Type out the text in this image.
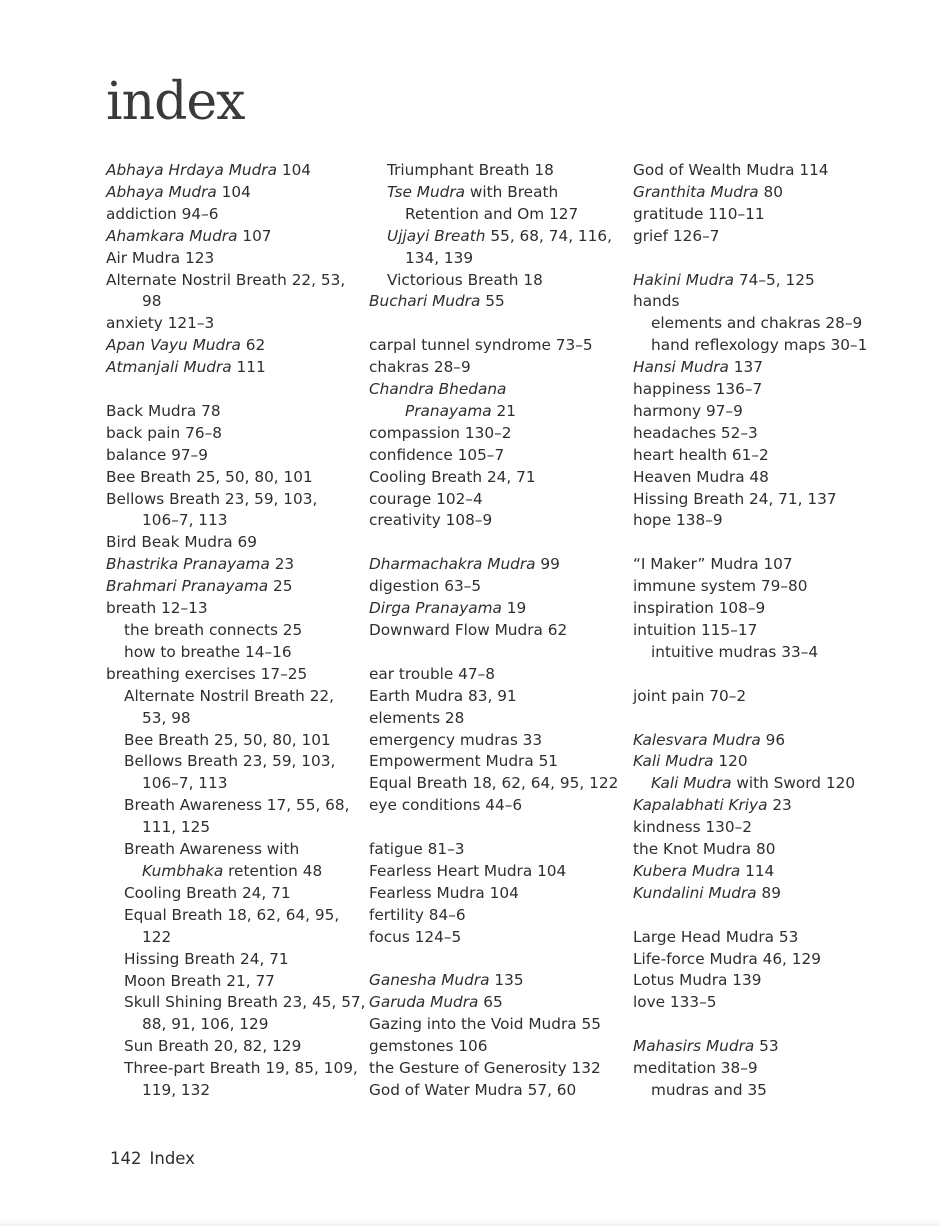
index
Abhaya Hrdaya Mudra 104
Abhaya Mudra 104
addiction 94–6
Ahamkara Mudra 107
Air Mudra 123
Alternate Nostril Breath 22, 53,
98
anxiety 121–3
Apan Vayu Mudra 62
Atmanjali Mudra 111
Back Mudra 78
back pain 76–8
balance 97–9
Bee Breath 25, 50, 80, 101
Bellows Breath 23, 59, 103,
106–7, 113
Bird Beak Mudra 69
Bhastrika Pranayama 23
Brahmari Pranayama 25
breath 12–13
the breath connects 25
how to breathe 14–16
breathing exercises 17–25
Alternate Nostril Breath 22,
53, 98
Bee Breath 25, 50, 80, 101
Bellows Breath 23, 59, 103,
106–7, 113
Breath Awareness 17, 55, 68,
111, 125
Breath Awareness with
Kumbhaka retention 48
Cooling Breath 24, 71
Equal Breath 18, 62, 64, 95,
122
Hissing Breath 24, 71
Moon Breath 21, 77
Skull Shining Breath 23, 45, 57,
88, 91, 106, 129
Sun Breath 20, 82, 129
Three-part Breath 19, 85, 109,
119, 132
Triumphant Breath 18
Tse Mudra with Breath
Retention and Om 127
Ujjayi Breath 55, 68, 74, 116,
134, 139
Victorious Breath 18
Buchari Mudra 55
carpal tunnel syndrome 73–5
chakras 28–9
Chandra Bhedana
Pranayama 21
compassion 130–2
confidence 105–7
Cooling Breath 24, 71
courage 102–4
creativity 108–9
Dharmachakra Mudra 99
digestion 63–5
Dirga Pranayama 19
Downward Flow Mudra 62
ear trouble 47–8
Earth Mudra 83, 91
elements 28
emergency mudras 33
Empowerment Mudra 51
Equal Breath 18, 62, 64, 95, 122
eye conditions 44–6
fatigue 81–3
Fearless Heart Mudra 104
Fearless Mudra 104
fertility 84–6
focus 124–5
Ganesha Mudra 135
Garuda Mudra 65
Gazing into the Void Mudra 55
gemstones 106
the Gesture of Generosity 132
God of Water Mudra 57, 60
God of Wealth Mudra 114
Granthita Mudra 80
gratitude 110–11
grief 126–7
Hakini Mudra 74–5, 125
hands
elements and chakras 28–9
hand reflexology maps 30–1
Hansi Mudra 137
happiness 136–7
harmony 97–9
headaches 52–3
heart health 61–2
Heaven Mudra 48
Hissing Breath 24, 71, 137
hope 138–9
“I Maker” Mudra 107
immune system 79–80
inspiration 108–9
intuition 115–17
intuitive mudras 33–4
joint pain 70–2
Kalesvara Mudra 96
Kali Mudra 120
Kali Mudra with Sword 120
Kapalabhati Kriya 23
kindness 130–2
the Knot Mudra 80
Kubera Mudra 114
Kundalini Mudra 89
Large Head Mudra 53
Life-force Mudra 46, 129
Lotus Mudra 139
love 133–5
Mahasirs Mudra 53
meditation 38–9
mudras and 35
142 Index
